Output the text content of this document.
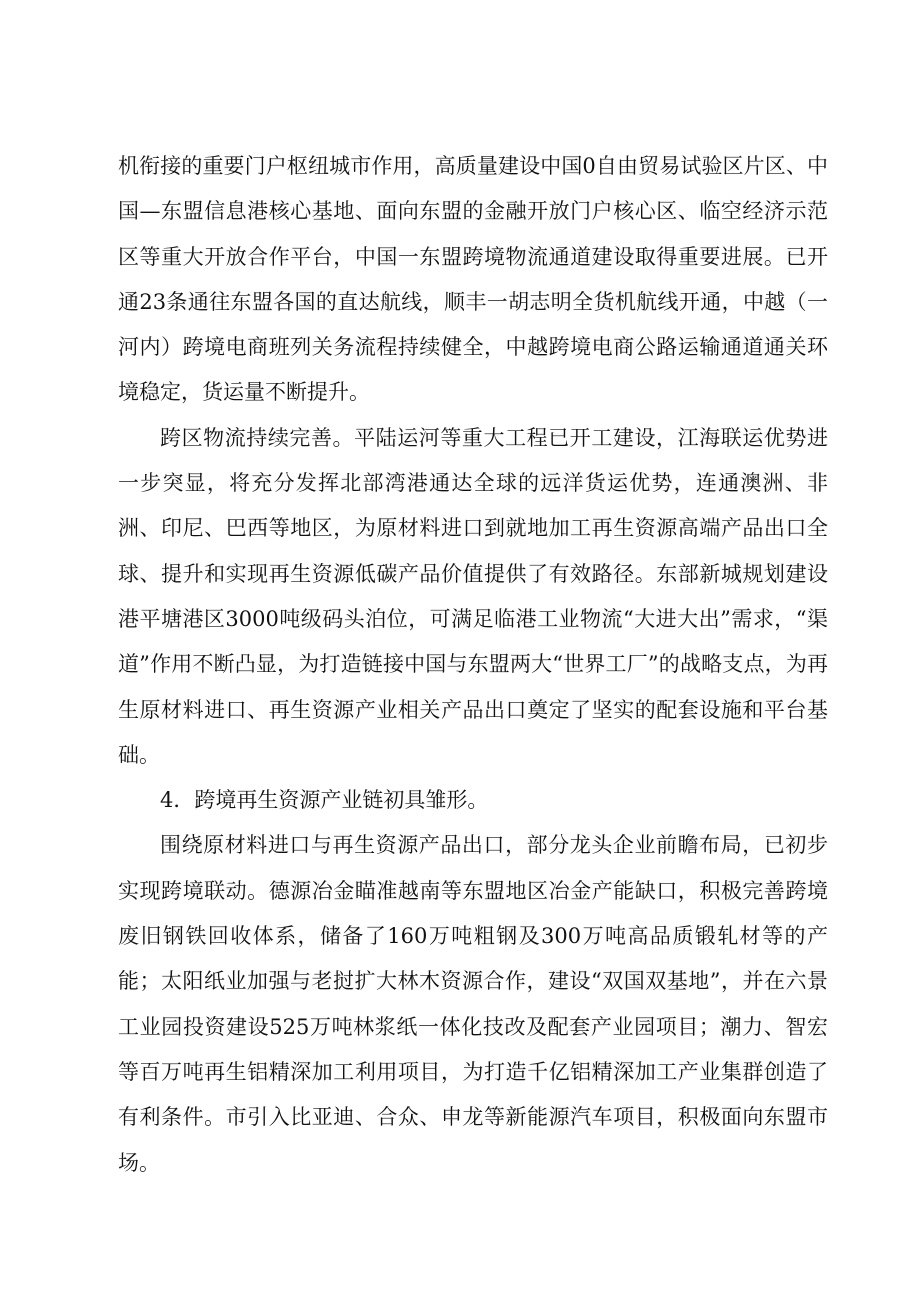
机衔接的重要门户枢纽城市作用，高质量建设中国0自由贸易试验区片区、中国—东盟信息港核心基地、面向东盟的金融开放门户核心区、临空经济示范区等重大开放合作平台，中国一东盟跨境物流通道建设取得重要进展。已开通23条通往东盟各国的直达航线，顺丰一胡志明全货机航线开通，中越（一河内）跨境电商班列关务流程持续健全，中越跨境电商公路运输通道通关环境稳定，货运量不断提升。

跨区物流持续完善。平陆运河等重大工程已开工建设，江海联运优势进一步突显，将充分发挥北部湾港通达全球的远洋货运优势，连通澳洲、非洲、印尼、巴西等地区，为原材料进口到就地加工再生资源高端产品出口全球、提升和实现再生资源低碳产品价值提供了有效路径。东部新城规划建设港平塘港区3000吨级码头泊位，可满足临港工业物流“大进大出”需求，“渠道”作用不断凸显，为打造链接中国与东盟两大“世界工厂”的战略支点，为再生原材料进口、再生资源产业相关产品出口奠定了坚实的配套设施和平台基础。

4．跨境再生资源产业链初具雏形。

围绕原材料进口与再生资源产品出口，部分龙头企业前瞻布局，已初步实现跨境联动。德源冶金瞄准越南等东盟地区冶金产能缺口，积极完善跨境废旧钢铁回收体系，储备了160万吨粗钢及300万吨高品质锻轧材等的产能；太阳纸业加强与老挝扩大林木资源合作，建设“双国双基地”，并在六景工业园投资建设525万吨林浆纸一体化技改及配套产业园项目；潮力、智宏等百万吨再生铝精深加工利用项目，为打造千亿铝精深加工产业集群创造了有利条件。市引入比亚迪、合众、申龙等新能源汽车项目，积极面向东盟市场。
